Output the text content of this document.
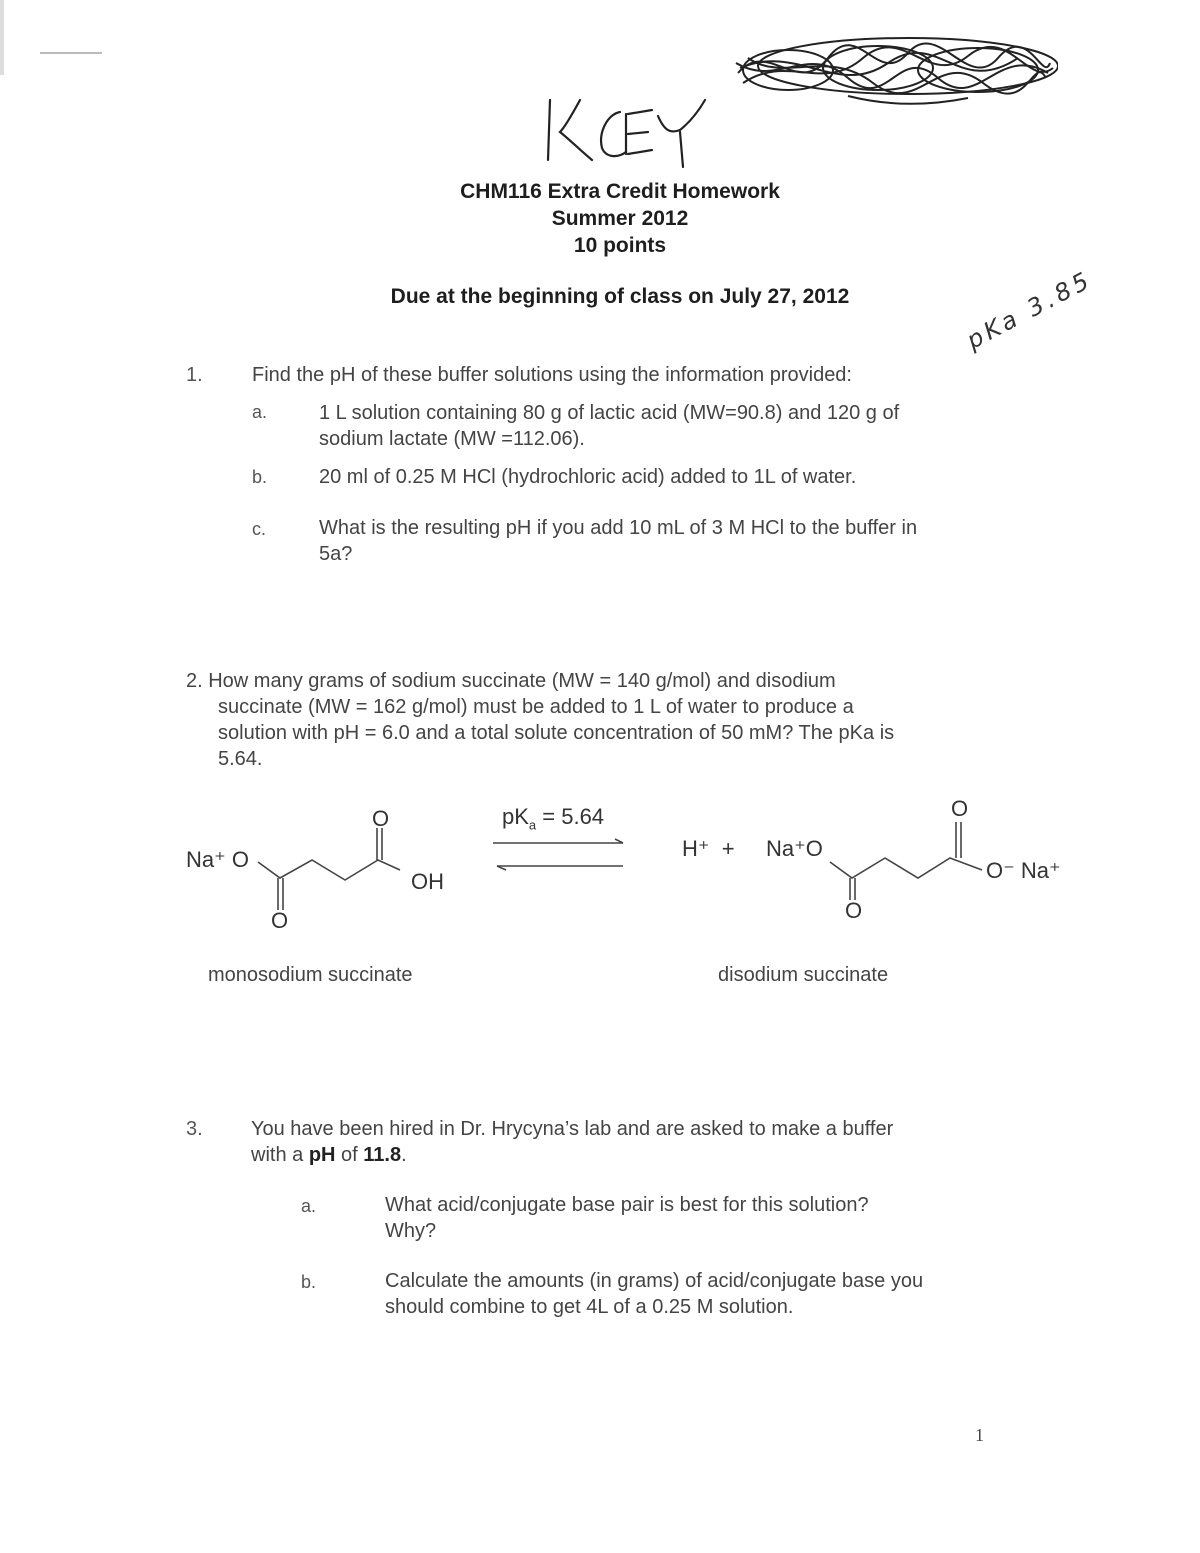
KEY
pKa 3.85
CHM116 Extra Credit Homework
Summer 2012
10 points
Due at the beginning of class on July 27, 2012
1. Find the pH of these buffer solutions using the information provided:
a.	1 L solution containing 80 g of lactic acid (MW=90.8) and 120 g of
sodium lactate (MW =112.06).
b.	20 ml of 0.25 M HCl (hydrochloric acid) added to 1L of water.
c.	What is the resulting pH if you add 10 mL of 3 M HCl to the buffer in
5a?
2. How many grams of sodium succinate (MW = 140 g/mol) and disodium
succinate (MW = 162 g/mol) must be added to 1 L of water to produce a
solution with pH = 6.0 and a total solute concentration of 50 mM? The pKa is
5.64.
Na⁺ O
O
OH
O
$pK_a = 5.64$
H⁺  + Na⁺O
O
O
O⁻ Na⁺
monosodium succinate	disodium succinate
3. You have been hired in Dr. Hrycyna’s lab and are asked to make a buffer
with a pH of 11.8.
a.	What acid/conjugate base pair is best for this solution?
Why?
b.	Calculate the amounts (in grams) of acid/conjugate base you
should combine to get 4L of a 0.25 M solution.
1
